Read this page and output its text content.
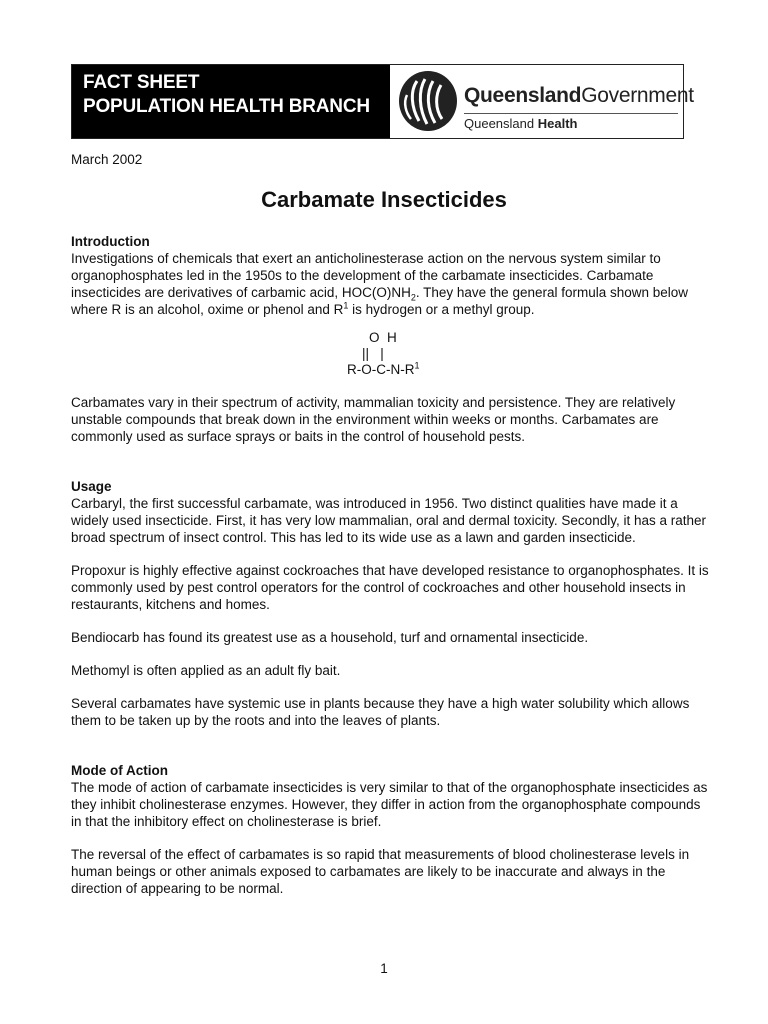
FACT SHEET
POPULATION HEALTH BRANCH	QueenslandGovernment
Queensland Health
March 2002
Carbamate Insecticides

Introduction

Investigations of chemicals that exert an anticholinesterase action on the nervous system similar to organophosphates led in the 1950s to the development of the carbamate insecticides. Carbamate insecticides are derivatives of carbamic acid, $HOC(O)NH_2$. They have the general formula shown below where R is an alcohol, oxime or phenol and $R^1$ is hydrogen or a methyl group.

O  H
||   |
$R-O-C-N-R^1$

Carbamates vary in their spectrum of activity, mammalian toxicity and persistence. They are relatively unstable compounds that break down in the environment within weeks or months. Carbamates are commonly used as surface sprays or baits in the control of household pests.

Usage

Carbaryl, the first successful carbamate, was introduced in 1956. Two distinct qualities have made it a widely used insecticide. First, it has very low mammalian, oral and dermal toxicity. Secondly, it has a rather broad spectrum of insect control. This has led to its wide use as a lawn and garden insecticide.

Propoxur is highly effective against cockroaches that have developed resistance to organophosphates. It is commonly used by pest control operators for the control of cockroaches and other household insects in restaurants, kitchens and homes.

Bendiocarb has found its greatest use as a household, turf and ornamental insecticide.

Methomyl is often applied as an adult fly bait.

Several carbamates have systemic use in plants because they have a high water solubility which allows them to be taken up by the roots and into the leaves of plants.

Mode of Action

The mode of action of carbamate insecticides is very similar to that of the organophosphate insecticides as they inhibit cholinesterase enzymes. However, they differ in action from the organophosphate compounds in that the inhibitory effect on cholinesterase is brief.

The reversal of the effect of carbamates is so rapid that measurements of blood cholinesterase levels in human beings or other animals exposed to carbamates are likely to be inaccurate and always in the direction of appearing to be normal.

1
